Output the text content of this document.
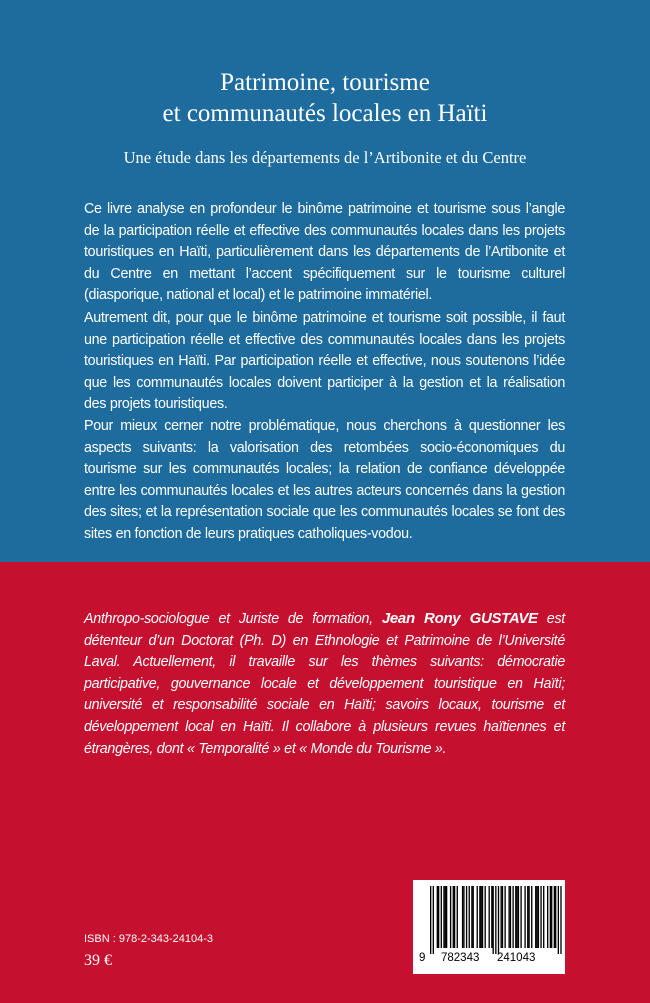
Patrimoine, tourisme
et communautés locales en Haïti

Une étude dans les départements de l’Artibonite et du Centre

Ce livre analyse en profondeur le binôme patrimoine et tourisme sous l’angle de la participation réelle et effective des communautés locales dans les projets touristiques en Haïti, particulièrement dans les départements de l’Artibonite et du Centre en mettant l’accent spécifiquement sur le tourisme culturel (diasporique, national et local) et le patrimoine immatériel.

Autrement dit, pour que le binôme patrimoine et tourisme soit possible, il faut une participation réelle et effective des communautés locales dans les projets touristiques en Haïti. Par participation réelle et effective, nous soutenons l’idée que les communautés locales doivent participer à la gestion et la réalisation des projets touristiques.

Pour mieux cerner notre problématique, nous cherchons à questionner les aspects suivants: la valorisation des retombées socio-économiques du tourisme sur les communautés locales; la relation de confiance développée entre les communautés locales et les autres acteurs concernés dans la gestion des sites; et la représentation sociale que les communautés locales se font des sites en fonction de leurs pratiques catholiques-vodou.

Anthropo-sociologue et Juriste de formation, Jean Rony GUSTAVE est détenteur d’un Doctorat (Ph. D) en Ethnologie et Patrimoine de l’Université Laval. Actuellement, il travaille sur les thèmes suivants: démocratie participative, gouvernance locale et développement touristique en Haïti; université et responsabilité sociale en Haïti; savoirs locaux, tourisme et développement local en Haïti. Il collabore à plusieurs revues haïtiennes et étrangères, dont « Temporalité » et « Monde du Tourisme ».

ISBN : 978-2-343-24104-3
39 €	9 782343 241043
